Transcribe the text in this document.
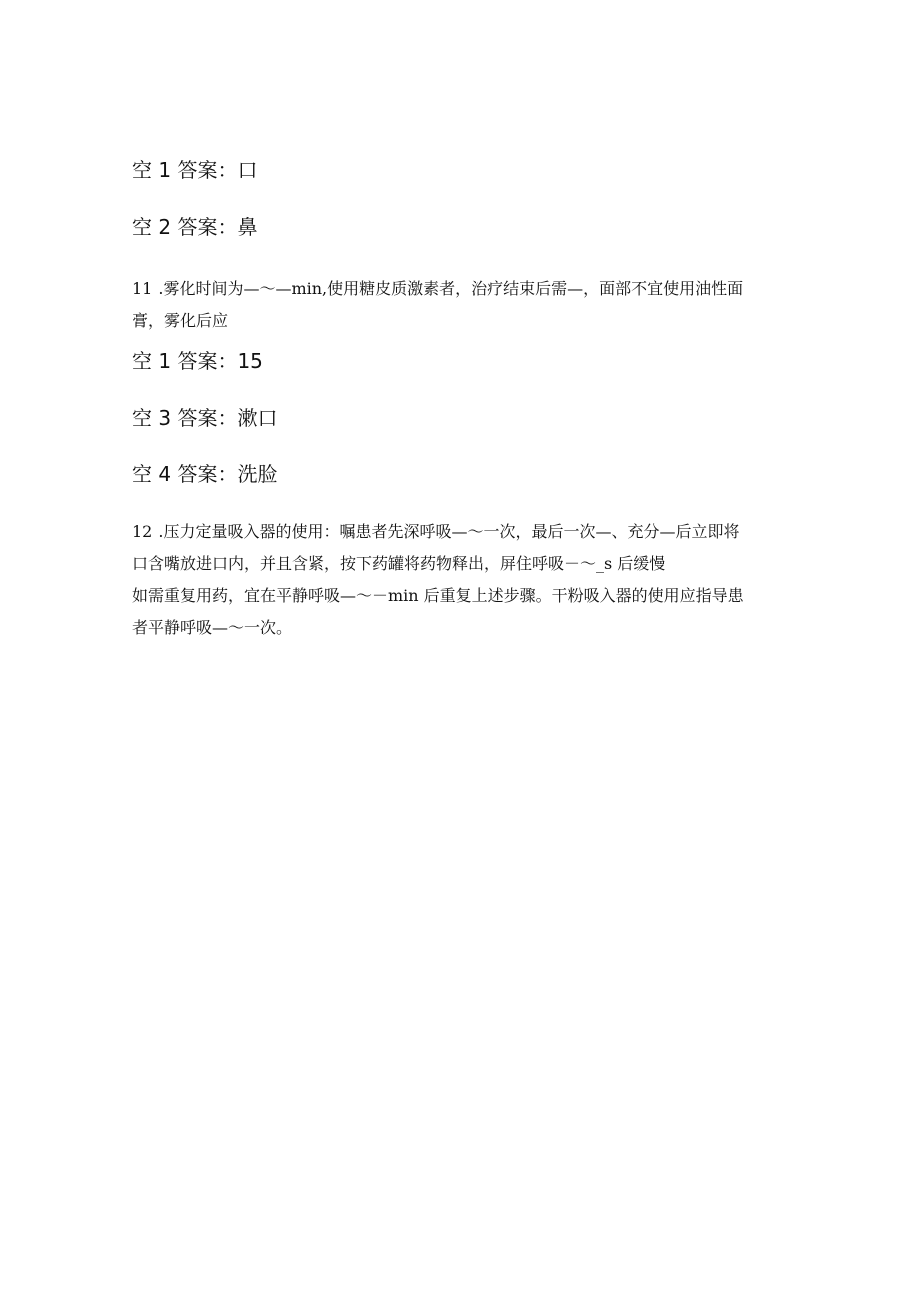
空 1 答案：口
空 2 答案：鼻
11 .雾化时间为—～—min,使用糖皮质激素者，治疗结束后需—，面部不宜使用油性面
膏，雾化后应
空 1 答案：15
空 3 答案：漱口
空 4 答案：洗脸
12 .压力定量吸入器的使用：嘱患者先深呼吸—～一次，最后一次—、充分—后立即将
口含嘴放进口内，并且含紧，按下药罐将药物释出，屏住呼吸－～_s 后缓慢
如需重复用药，宜在平静呼吸—～－min 后重复上述步骤。干粉吸入器的使用应指导患
者平静呼吸—～一次。
